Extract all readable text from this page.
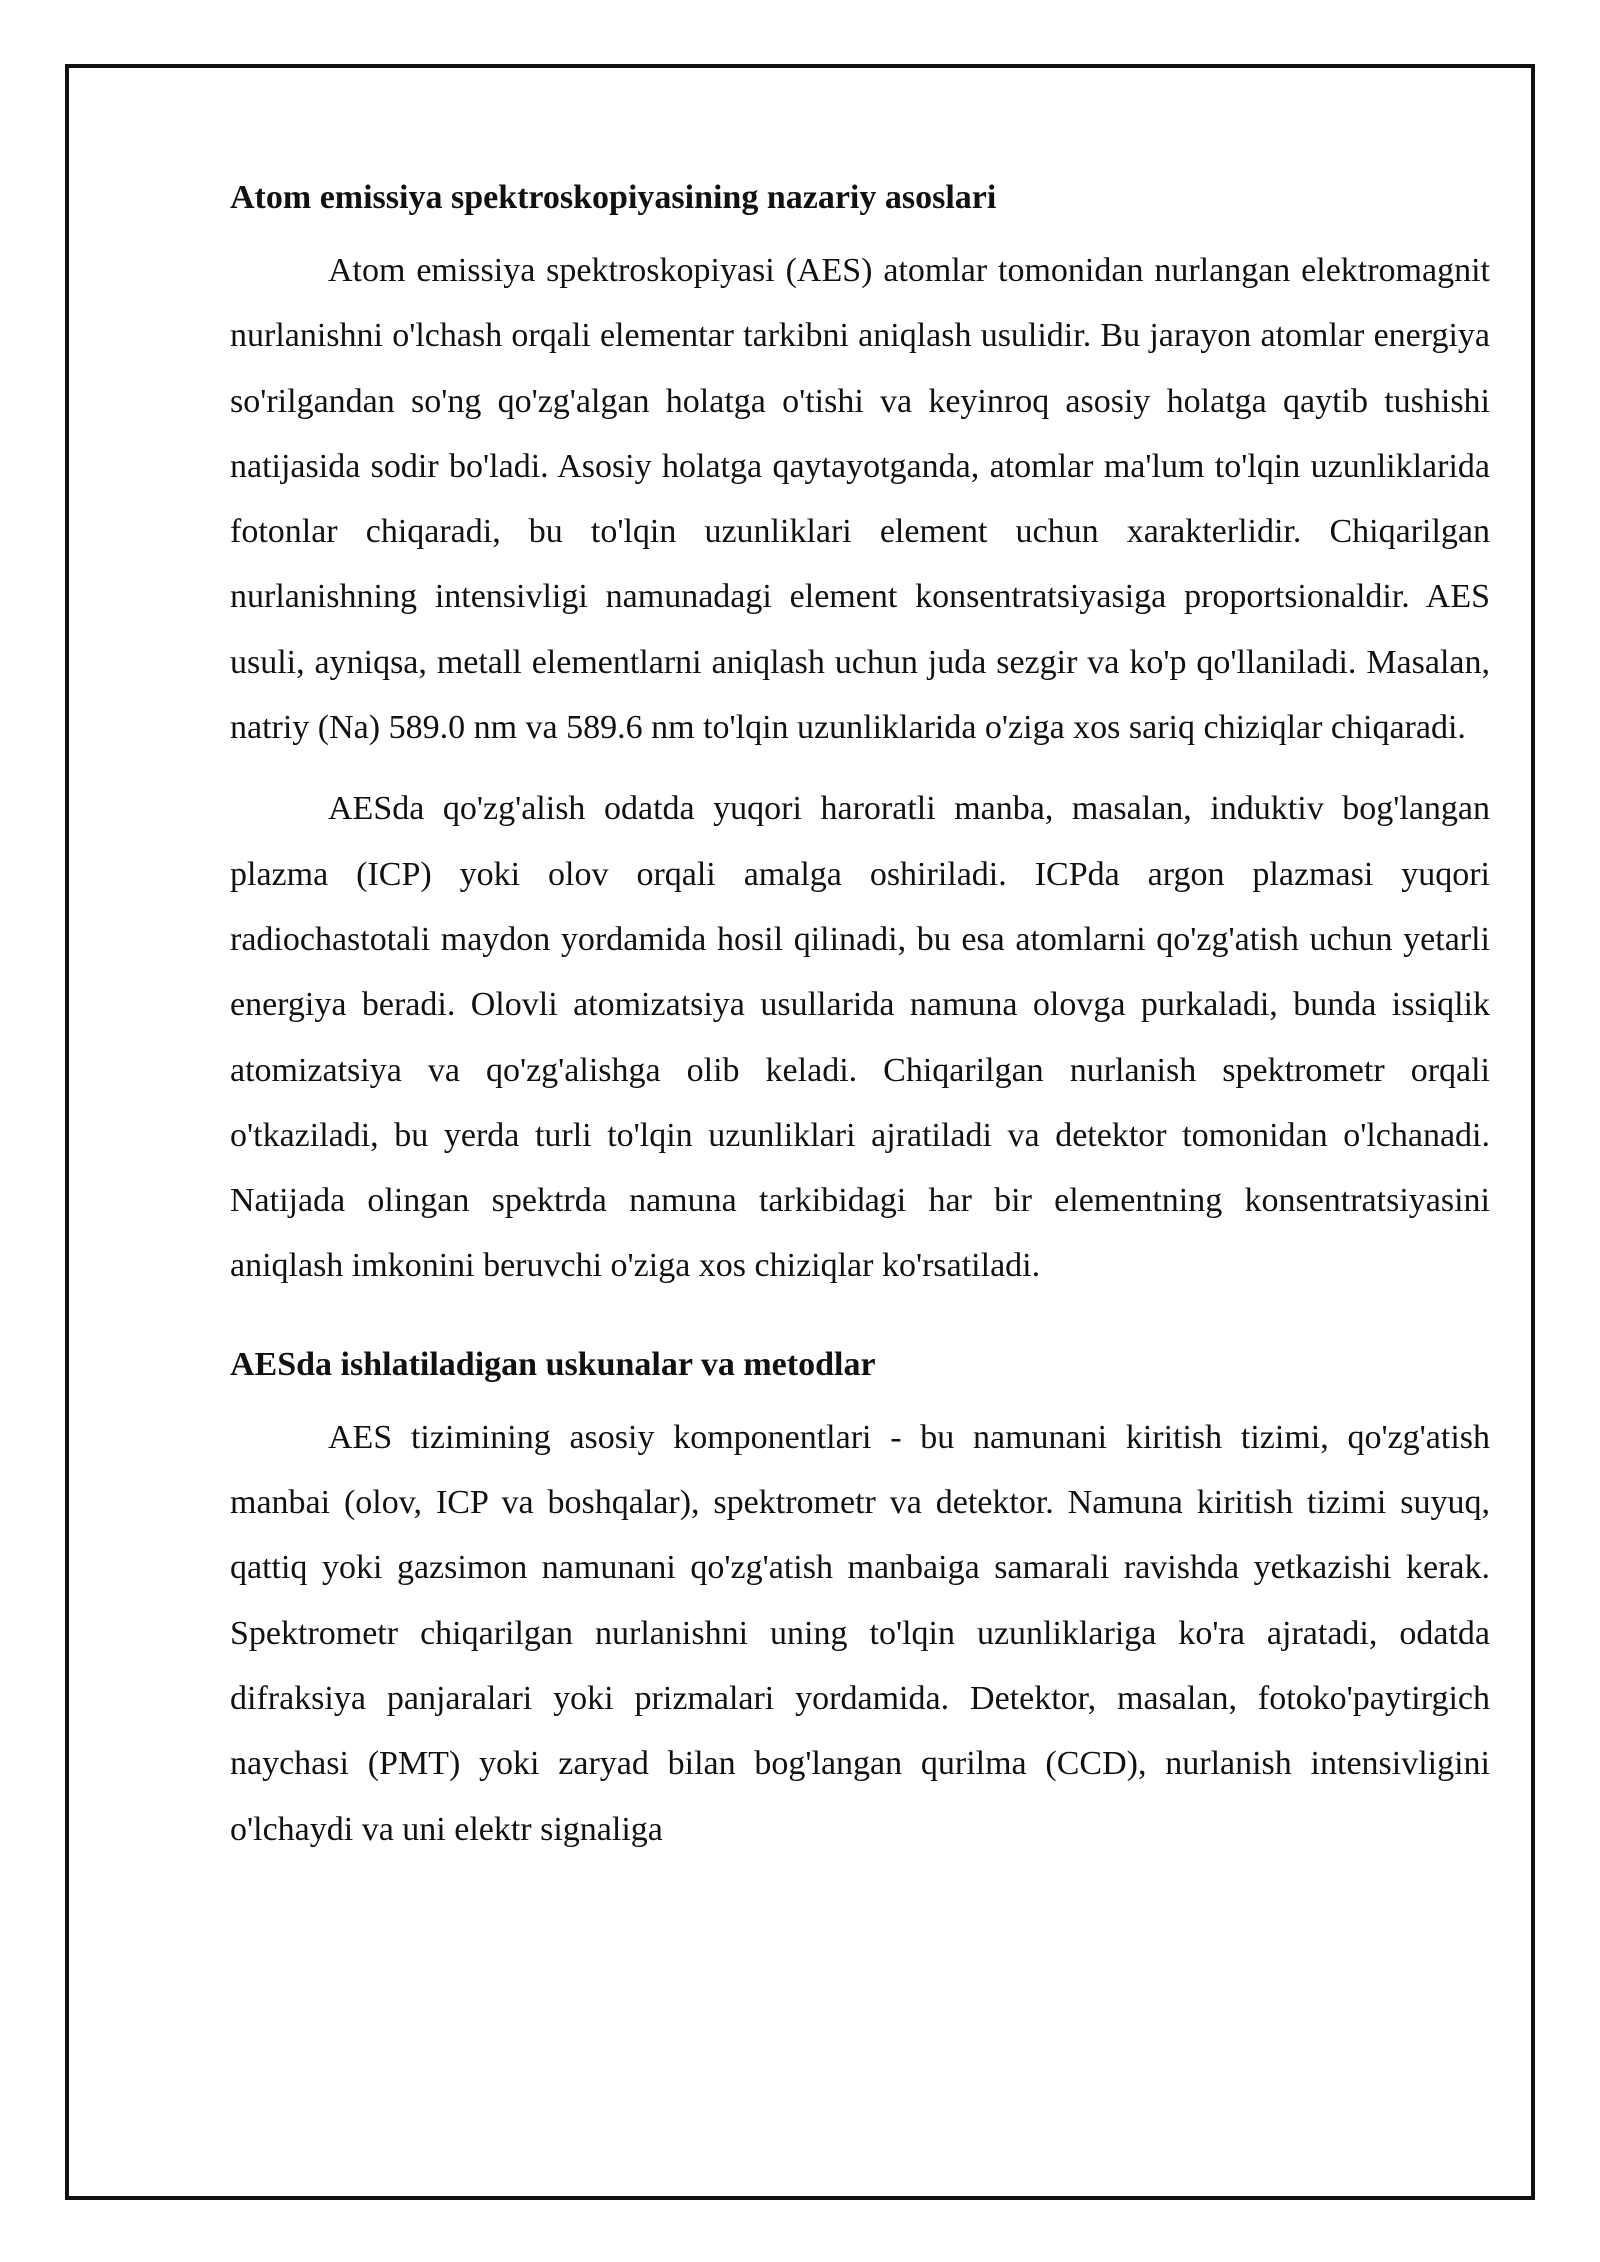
Atom emissiya spektroskopiyasining nazariy asoslari

Atom emissiya spektroskopiyasi (AES) atomlar tomonidan nurlangan elektromagnit nurlanishni o'lchash orqali elementar tarkibni aniqlash usulidir. Bu jarayon atomlar energiya so'rilgandan so'ng qo'zg'algan holatga o'tishi va keyinroq asosiy holatga qaytib tushishi natijasida sodir bo'ladi. Asosiy holatga qaytayotganda, atomlar ma'lum to'lqin uzunliklarida fotonlar chiqaradi, bu to'lqin uzunliklari element uchun xarakterlidir. Chiqarilgan nurlanishning intensivligi namunadagi element konsentratsiyasiga proportsionaldir. AES usuli, ayniqsa, metall elementlarni aniqlash uchun juda sezgir va ko'p qo'llaniladi. Masalan, natriy (Na) 589.0 nm va 589.6 nm to'lqin uzunliklarida o'ziga xos sariq chiziqlar chiqaradi.

AESda qo'zg'alish odatda yuqori haroratli manba, masalan, induktiv bog'langan plazma (ICP) yoki olov orqali amalga oshiriladi. ICPda argon plazmasi yuqori radiochastotali maydon yordamida hosil qilinadi, bu esa atomlarni qo'zg'atish uchun yetarli energiya beradi. Olovli atomizatsiya usullarida namuna olovga purkaladi, bunda issiqlik atomizatsiya va qo'zg'alishga olib keladi. Chiqarilgan nurlanish spektrometr orqali o'tkaziladi, bu yerda turli to'lqin uzunliklari ajratiladi va detektor tomonidan o'lchanadi. Natijada olingan spektrda namuna tarkibidagi har bir elementning konsentratsiyasini aniqlash imkonini beruvchi o'ziga xos chiziqlar ko'rsatiladi.

AESda ishlatiladigan uskunalar va metodlar

AES tizimining asosiy komponentlari - bu namunani kiritish tizimi, qo'zg'atish manbai (olov, ICP va boshqalar), spektrometr va detektor. Namuna kiritish tizimi suyuq, qattiq yoki gazsimon namunani qo'zg'atish manbaiga samarali ravishda yetkazishi kerak. Spektrometr chiqarilgan nurlanishni uning to'lqin uzunliklariga ko'ra ajratadi, odatda difraksiya panjaralari yoki prizmalari yordamida. Detektor, masalan, fotoko'paytirgich naychasi (PMT) yoki zaryad bilan bog'langan qurilma (CCD), nurlanish intensivligini o'lchaydi va uni elektr signaliga
